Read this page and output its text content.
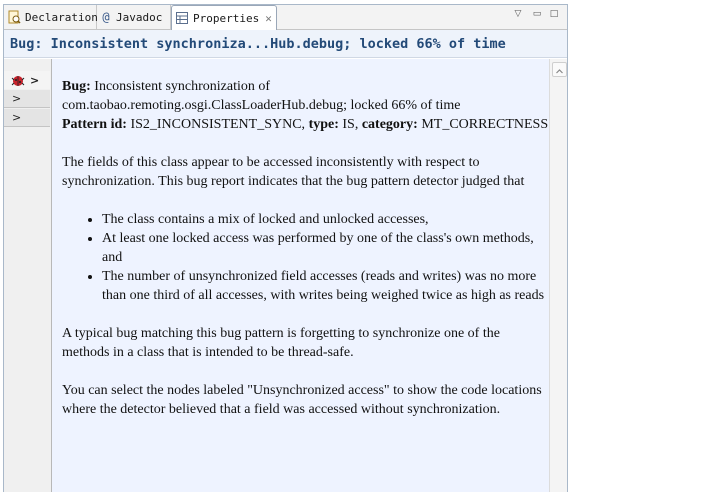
Declaration @ Javadoc	Properties ✕	▽	▭ □
Bug: Inconsistent synchroniza...Hub.debug; locked 66% of time
>
>
>

Bug: Inconsistent synchronization of com.taobao.remoting.osgi.ClassLoaderHub.debug; locked 66% of time
Pattern id: IS2_INCONSISTENT_SYNC, type: IS, category: MT_CORRECTNESS

The fields of this class appear to be accessed inconsistently with respect to synchronization. This bug report indicates that the bug pattern detector judged that

• The class contains a mix of locked and unlocked accesses,
• At least one locked access was performed by one of the class's own methods, and
• The number of unsynchronized field accesses (reads and writes) was no more than one third of all accesses, with writes being weighed twice as high as reads

A typical bug matching this bug pattern is forgetting to synchronize one of the methods in a class that is intended to be thread-safe.

You can select the nodes labeled "Unsynchronized access" to show the code locations where the detector believed that a field was accessed without synchronization.
